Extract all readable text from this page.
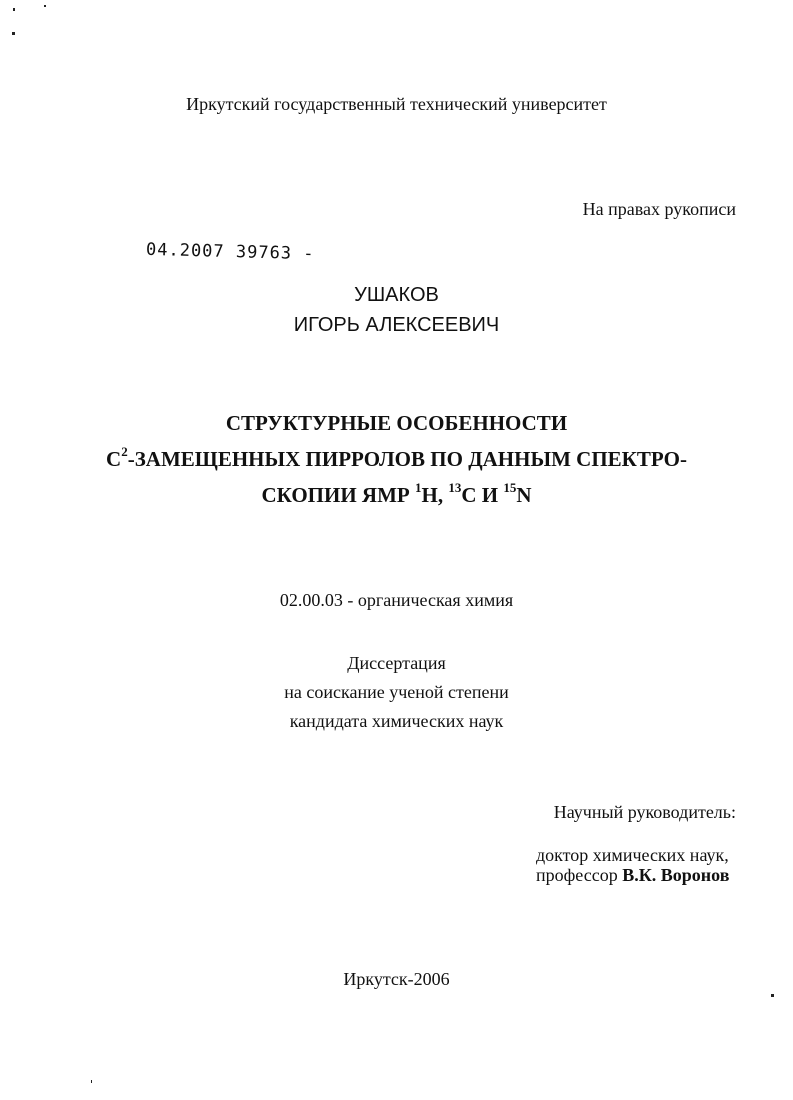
Иркутский государственный технический университет
На правах рукописи
04.2007 39763 -
УШАКОВ
ИГОРЬ АЛЕКСЕЕВИЧ
СТРУКТУРНЫЕ ОСОБЕННОСТИ
$С^2$-ЗАМЕЩЕННЫХ ПИРРОЛОВ ПО ДАННЫМ СПЕКТРО-
СКОПИИ ЯМР $^1$H, $^{13}$C И $^{15}$N
02.00.03 - органическая химия
Диссертация
на соискание ученой степени
кандидата химических наук
Научный руководитель:
доктор химических наук,
профессор В.К. Воронов
Иркутск-2006
